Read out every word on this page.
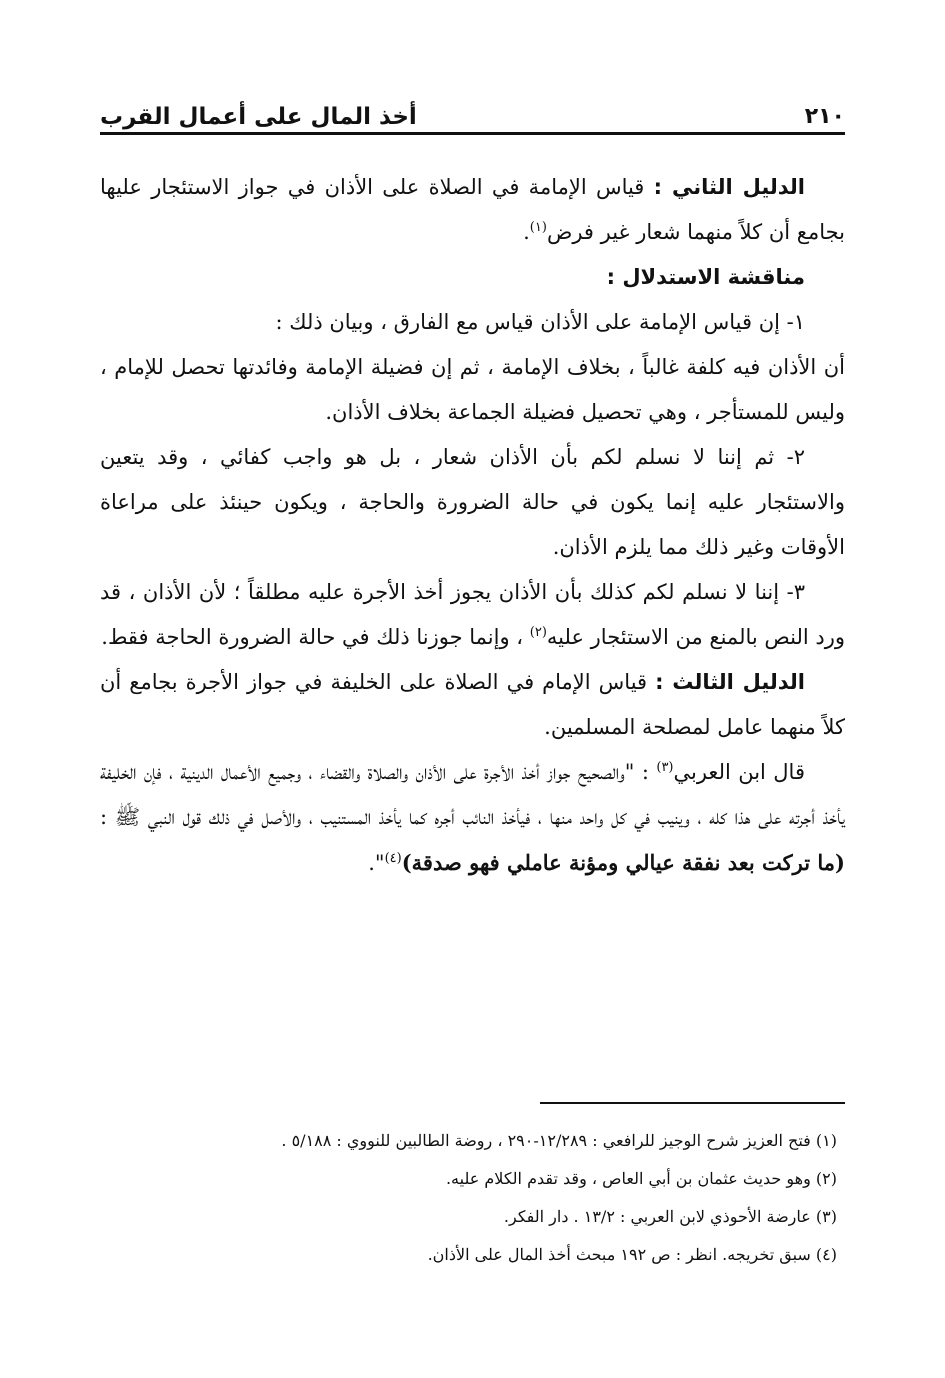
أخذ المال على أعمال القرب	٢١٠

الدليل الثاني : قياس الإمامة في الصلاة على الأذان في جواز الاستئجار عليها بجامع أن كلاً منهما شعار غير فرض$^{(١)}$.

مناقشة الاستدلال :

١- إن قياس الإمامة على الأذان قياس مع الفارق ، وبيان ذلك :

أن الأذان فيه كلفة غالباً ، بخلاف الإمامة ، ثم إن فضيلة الإمامة وفائدتها تحصل للإمام ، وليس للمستأجر ، وهي تحصيل فضيلة الجماعة بخلاف الأذان.

٢- ثم إننا لا نسلم لكم بأن الأذان شعار ، بل هو واجب كفائي ، وقد يتعين والاستئجار عليه إنما يكون في حالة الضرورة والحاجة ، ويكون حينئذ على مراعاة الأوقات وغير ذلك مما يلزم الأذان.

٣- إننا لا نسلم لكم كذلك بأن الأذان يجوز أخذ الأجرة عليه مطلقاً ؛ لأن الأذان ، قد ورد النص بالمنع من الاستئجار عليه$^{(٢)}$ ، وإنما جوزنا ذلك في حالة الضرورة الحاجة فقط.

الدليل الثالث : قياس الإمام في الصلاة على الخليفة في جواز الأجرة بجامع أن كلاً منهما عامل لمصلحة المسلمين.

قال ابن العربي$^{(٣)}$ : "والصحيح جواز أخذ الأجرة على الأذان والصلاة والقضاء ، وجميع الأعمال الدينية ، فإن الخليفة يأخذ أجرته على هذا كله ، وينيب في كل واحد منها ، فيأخذ النائب أجره كما يأخذ المستنيب ، والأصل في ذلك قول النبي ﷺ : (ما تركت بعد نفقة عيالي ومؤنة عاملي فهو صدقة)$^{(٤)}$".

(١) فتح العزيز شرح الوجيز للرافعي : ١٢/٢٨٩-٢٩٠ ، روضة الطالبين للنووي : ٥/١٨٨ .

(٢) وهو حديث عثمان بن أبي العاص ، وقد تقدم الكلام عليه.

(٣) عارضة الأحوذي لابن العربي : ١٣/٢ . دار الفكر.

(٤) سبق تخريجه. انظر : ص ١٩٢ مبحث أخذ المال على الأذان.
